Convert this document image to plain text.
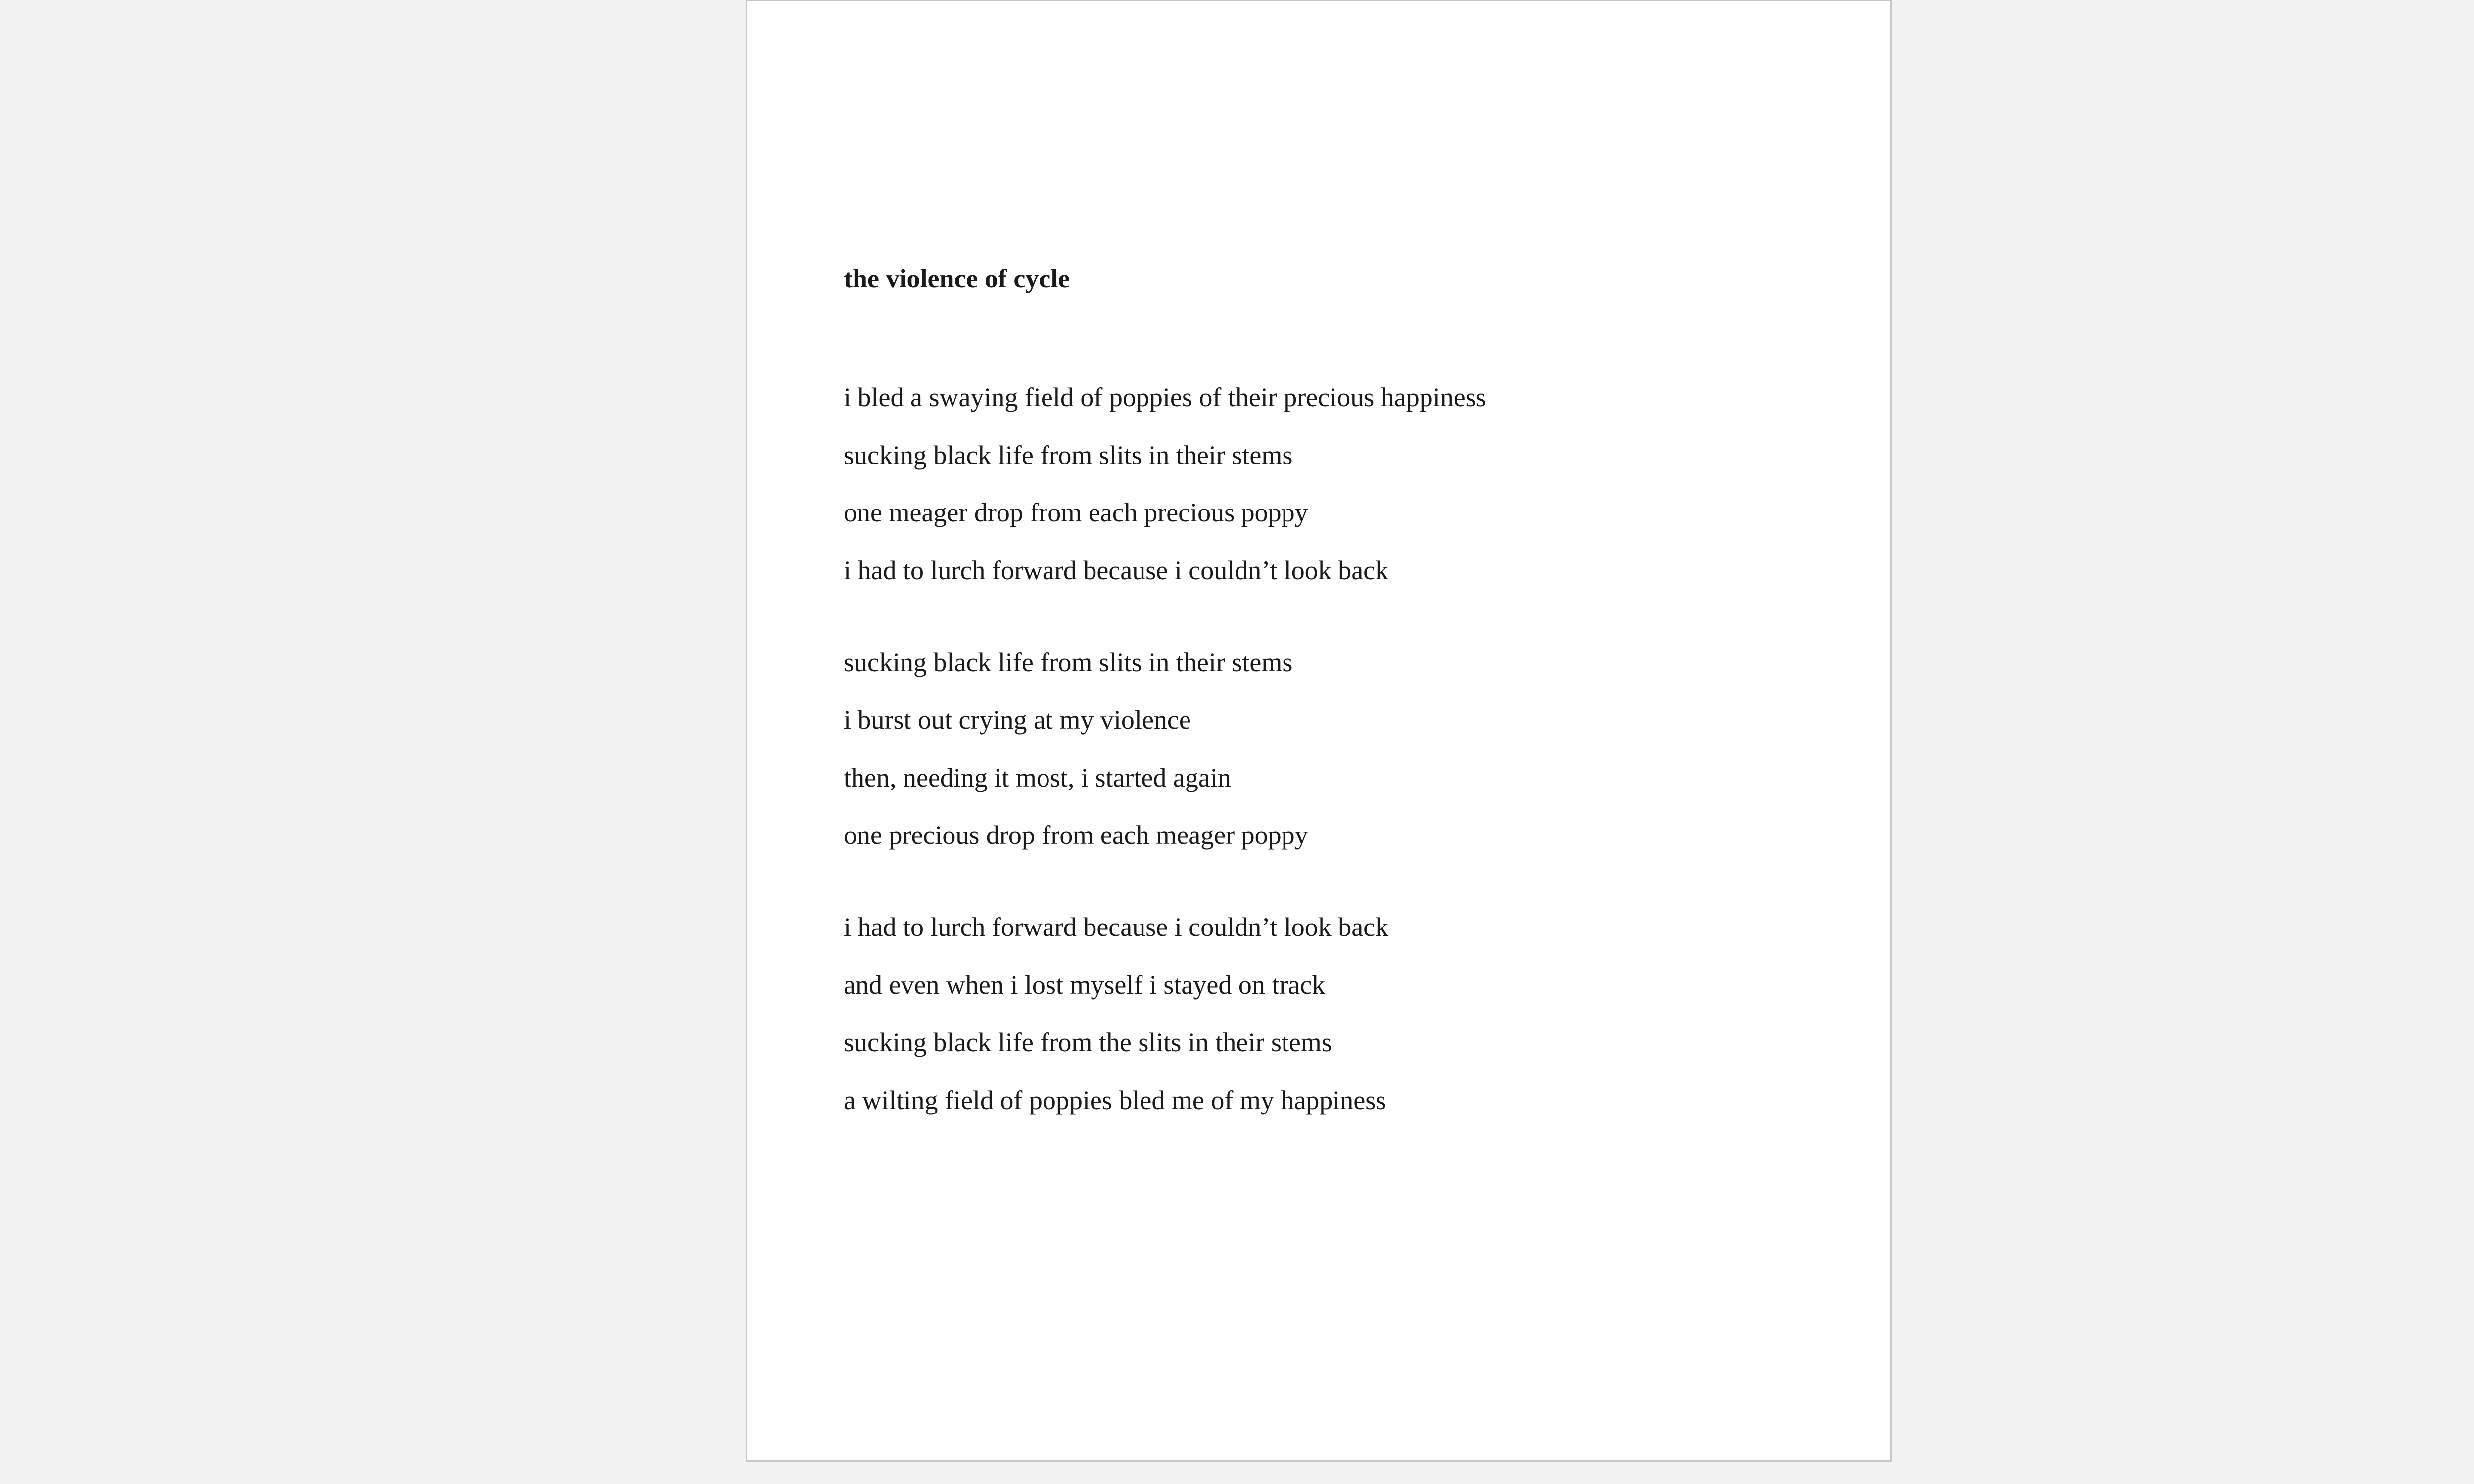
the violence of cycle
i bled a swaying field of poppies of their precious happiness
sucking black life from slits in their stems
one meager drop from each precious poppy
i had to lurch forward because i couldn’t look back
sucking black life from slits in their stems
i burst out crying at my violence
then, needing it most, i started again
one precious drop from each meager poppy
i had to lurch forward because i couldn’t look back
and even when i lost myself i stayed on track
sucking black life from the slits in their stems
a wilting field of poppies bled me of my happiness
